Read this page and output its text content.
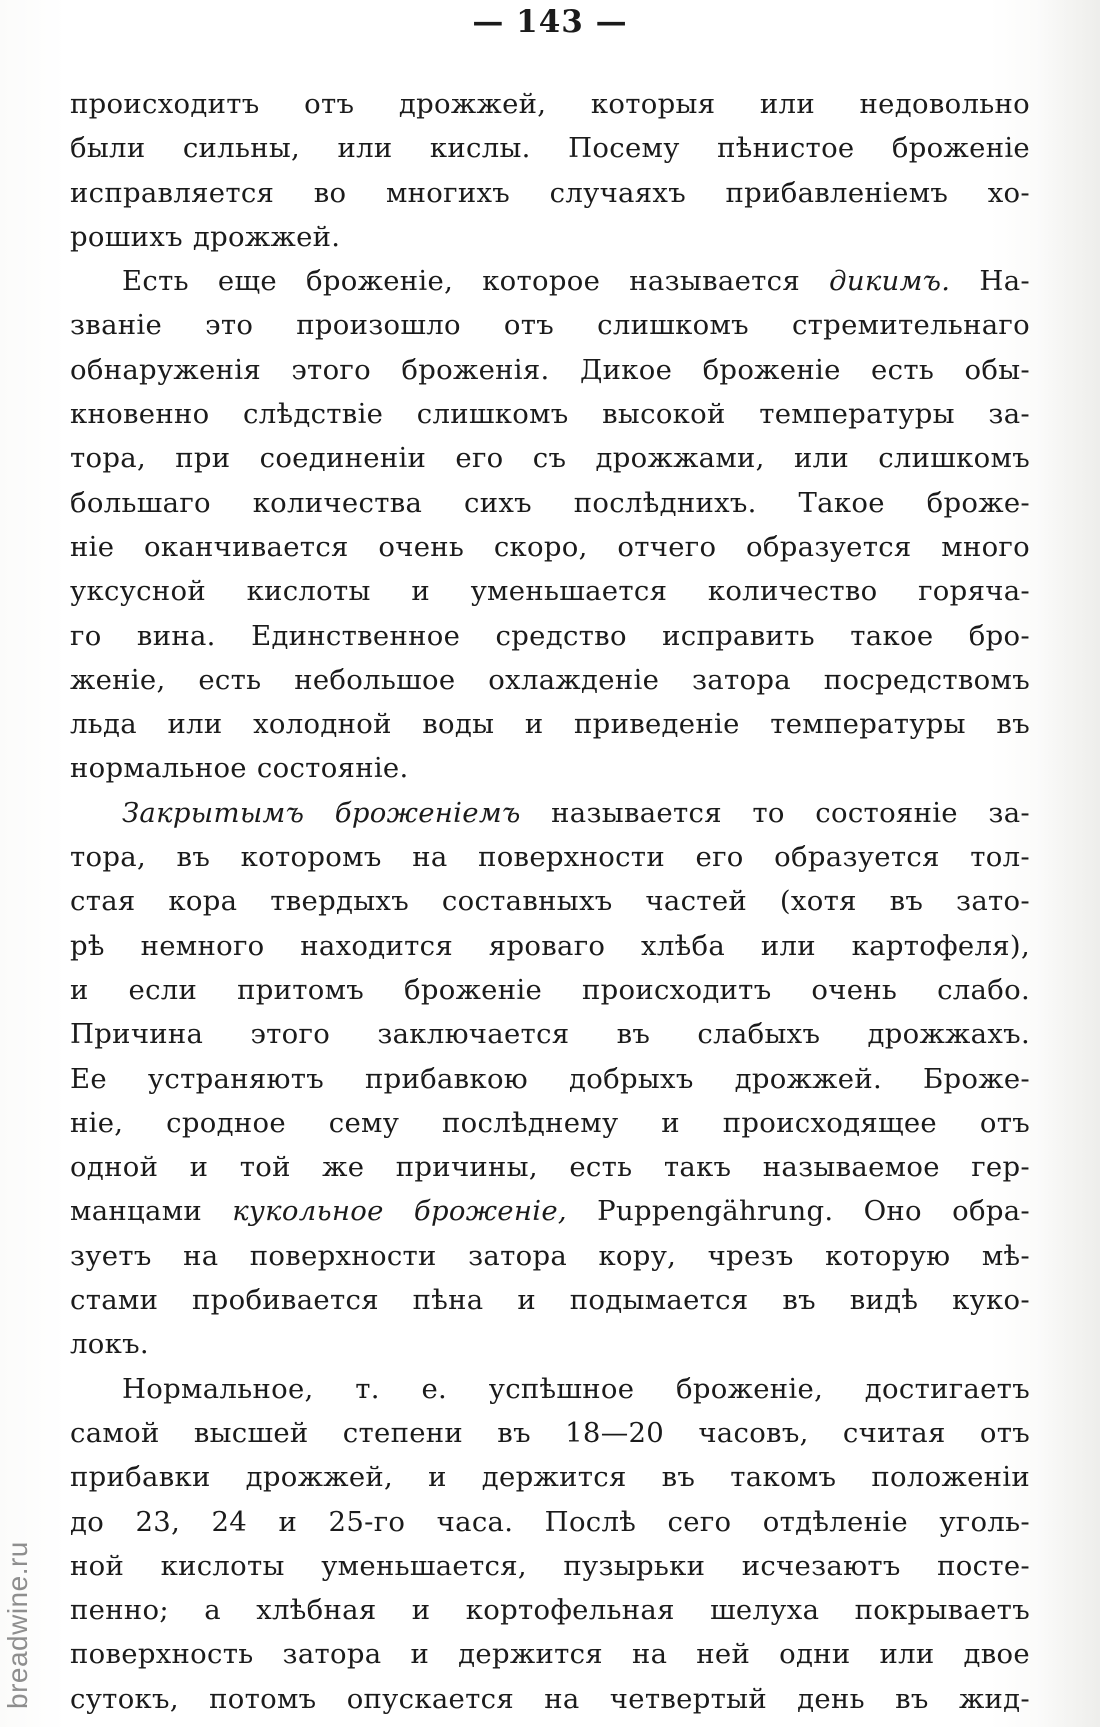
— 143 —
происходитъ отъ дрожжей, которыя или недовольно
были сильны, или кислы. Посему пѣнистое броженіе
исправляется во многихъ случаяхъ прибавленіемъ хо-
рошихъ дрожжей.
Есть еще броженіе, которое называется дикимъ. На-
званіе это произошло отъ слишкомъ стремительнаго
обнаруженія этого броженія. Дикое броженіе есть обы-
кновенно слѣдствіе слишкомъ высокой температуры за-
тора, при соединеніи его съ дрожжами, или слишкомъ
большаго количества сихъ послѣднихъ. Такое броже-
ніе оканчивается очень скоро, отчего образуется много
уксусной кислоты и уменьшается количество горяча-
го вина. Единственное средство исправить такое бро-
женіе, есть небольшое охлажденіе затора посредствомъ
льда или холодной воды и приведеніе температуры въ
нормальное состояніе.
Закрытымъ броженіемъ называется то состояніе за-
тора, въ которомъ на поверхности его образуется тол-
стая кора твердыхъ составныхъ частей (хотя въ зато-
рѣ немного находится яроваго хлѣба или картофеля),
и если притомъ броженіе происходитъ очень слабо.
Причина этого заключается въ слабыхъ дрожжахъ.
Ее устраняютъ прибавкою добрыхъ дрожжей. Броже-
ніе, сродное сему послѣднему и происходящее отъ
одной и той же причины, есть такъ называемое гер-
манцами кукольное броженіе, Puppengährung. Оно обра-
зуетъ на поверхности затора кору, чрезъ которую мѣ-
стами пробивается пѣна и подымается въ видѣ куко-
локъ.
Нормальное, т. е. успѣшное броженіе, достигаетъ
самой высшей степени въ 18—20 часовъ, считая отъ
прибавки дрожжей, и держится въ такомъ положеніи
до 23, 24 и 25-го часа. Послѣ сего отдѣленіе уголь-
ной кислоты уменьшается, пузырьки исчезаютъ посте-
пенно; а хлѣбная и кортофельная шелуха покрываетъ
поверхность затора и держится на ней одни или двое
сутокъ, потомъ опускается на четвертый день въ жид-
breadwine.ru
